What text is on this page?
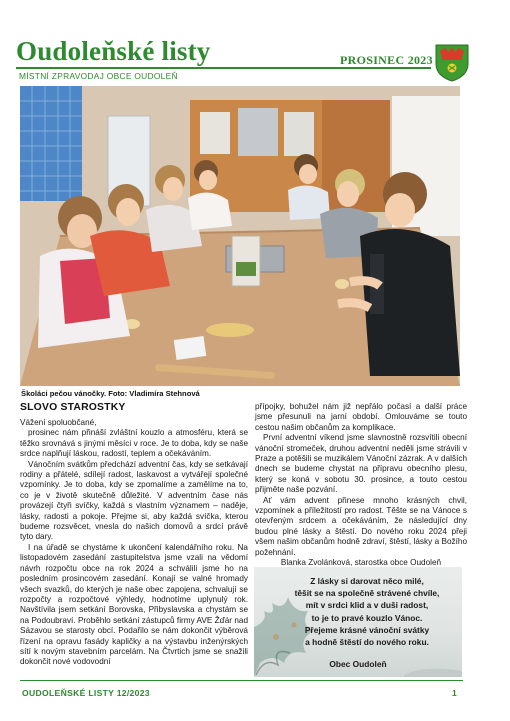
Oudoleňské listy	PROSINEC 2023
MÍSTNÍ ZPRAVODAJ OBCE OUDOLEŇ
Školáci pečou vánočky. Foto: Vladimíra Stehnová
SLOVO STAROSTKY

Vážení spoluobčané,

prosinec nám přináší zvláštní kouzlo a atmosféru, která se těžko srovnává s jinými měsíci v roce. Je to doba, kdy se naše srdce naplňují láskou, radostí, teplem a očekáváním.

Vánočním svátkům předchází adventní čas, kdy se setkávají rodiny a přátelé, sdílejí radost, laskavost a vytvářejí společné vzpomínky. Je to doba, kdy se zpomalíme a zamělíme na to, co je v životě skutečně důležité. V adventním čase nás provázejí čtyři svíčky, každá s vlastním významem – naděje, lásky, radosti a pokoje. Přejme si, aby každá svíčka, kterou budeme rozsvěcet, vnesla do našich domovů a srdcí právě tyto dary.

I na úřadě se chystáme k ukončení kalendářního roku. Na listopadovém zasedání zastupitelstva jsme vzali na vědomí návrh rozpočtu obce na rok 2024 a schválili jsme ho na posledním prosincovém zasedání. Konají se valné hromady všech svazků, do kterých je naše obec zapojena, schvalují se rozpočty a rozpočtové výhledy, hodnotíme uplynulý rok. Navštívila jsem setkání Borovska, Přibyslavska a chystám se na Podoubraví. Proběhlo setkání zástupců firmy AVE Žďár nad Sázavou se starosty obcí. Podařilo se nám dokončit výběrová řízení na opravu fasády kapličky a na výstavbu inženýrských sítí k novým stavebním parcelám. Na Čtvrtich jsme se snažili dokončit nové vodovodní

přípojky, bohužel nám již nepřálo počasí a další práce jsme přesunuli na jarní období. Omlouváme se touto cestou našim občanům za komplikace.

První adventní víkend jsme slavnostně rozsvítili obecní vánoční stromeček, druhou adventní neděli jsme strávili v Praze a potěšili se muzikálem Vánoční zázrak. A v dalších dnech se budeme chystat na přípravu obecního plesu, který se koná v sobotu 30. prosince, a touto cestou přijměte naše pozvání.

Ať vám advent přinese mnoho krásných chvil, vzpomínek a příležitostí pro radost. Těšte se na Vánoce s otevřeným srdcem a očekáváním, že následující dny budou plné lásky a štěstí. Do nového roku 2024 přeji všem našim občanům hodně zdraví, štěstí, lásky a Božího požehnání.

Blanka Zvolánková, starostka obce Oudoleň

Z lásky si darovat něco milé,
těšit se na společně strávené chvíle,
mít v srdci klid a v duši radost,
to je to pravé kouzlo Vánoc.
Přejeme krásné vánoční svátky
a hodně štěstí do nového roku.
Obec Oudoleň
OUDOLEŇSKÉ LISTY 12/2023	1
